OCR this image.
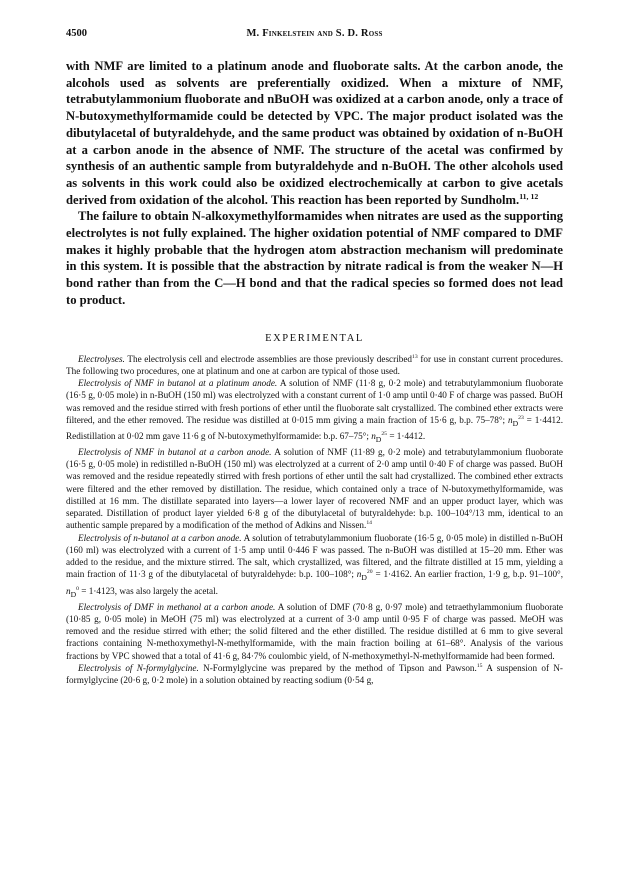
4500	M. Finkelstein and S. D. Ross

with NMF are limited to a platinum anode and fluoborate salts. At the carbon anode, the alcohols used as solvents are preferentially oxidized. When a mixture of NMF, tetrabutylammonium fluoborate and nBuOH was oxidized at a carbon anode, only a trace of N-butoxymethylformamide could be detected by VPC. The major product isolated was the dibutylacetal of butyraldehyde, and the same product was obtained by oxidation of n-BuOH at a carbon anode in the absence of NMF. The structure of the acetal was confirmed by synthesis of an authentic sample from butyraldehyde and n-BuOH. The other alcohols used as solvents in this work could also be oxidized electrochemically at carbon to give acetals derived from oxidation of the alcohol. This reaction has been reported by Sundholm.$^{11, 12}$

The failure to obtain N-alkoxymethylformamides when nitrates are used as the supporting electrolytes is not fully explained. The higher oxidation potential of NMF compared to DMF makes it highly probable that the hydrogen atom abstraction mechanism will predominate in this system. It is possible that the abstraction by nitrate radical is from the weaker N—H bond rather than from the C—H bond and that the radical species so formed does not lead to product.

EXPERIMENTAL

Electrolyses. The electrolysis cell and electrode assemblies are those previously described$^{13}$ for use in constant current procedures. The following two procedures, one at platinum and one at carbon are typical of those used.

Electrolysis of NMF in butanol at a platinum anode. A solution of NMF (11·8 g, 0·2 mole) and tetrabutylammonium fluoborate (16·5 g, 0·05 mole) in n-BuOH (150 ml) was electrolyzed with a constant current of 1·0 amp until 0·40 F of charge was passed. BuOH was removed and the residue stirred with fresh portions of ether until the fluoborate salt crystallized. The combined ether extracts were filtered, and the ether removed. The residue was distilled at 0·015 mm giving a main fraction of 15·6 g, b.p. 75–78°; $n_D^{23} = 1\cdot 4412$. Redistillation at 0·02 mm gave 11·6 g of N-butoxymethylformamide: b.p. 67–75°; $n_D^{25} = 1\cdot 4412$.

Electrolysis of NMF in butanol at a carbon anode. A solution of NMF (11·89 g, 0·2 mole) and tetrabutylammonium fluoborate (16·5 g, 0·05 mole) in redistilled n-BuOH (150 ml) was electrolyzed at a current of 2·0 amp until 0·40 F of charge was passed. BuOH was removed and the residue repeatedly stirred with fresh portions of ether until the salt had crystallized. The combined ether extracts were filtered and the ether removed by distillation. The residue, which contained only a trace of N-butoxymethylformamide, was distilled at 16 mm. The distillate separated into layers—a lower layer of recovered NMF and an upper product layer, which was separated. Distillation of product layer yielded 6·8 g of the dibutylacetal of butyraldehyde: b.p. 100–104°/13 mm, identical to an authentic sample prepared by a modification of the method of Adkins and Nissen.$^{14}$

Electrolysis of n-butanol at a carbon anode. A solution of tetrabutylammonium fluoborate (16·5 g, 0·05 mole) in distilled n-BuOH (160 ml) was electrolyzed with a current of 1·5 amp until 0·446 F was passed. The n-BuOH was distilled at 15–20 mm. Ether was added to the residue, and the mixture stirred. The salt, which crystallized, was filtered, and the filtrate distilled at 15 mm, yielding a main fraction of 11·3 g of the dibutylacetal of butyraldehyde: b.p. 100–108°; $n_D^{20} = 1\cdot 4162$. An earlier fraction, 1·9 g, b.p. 91–100°, $n_D^0 = 1\cdot 4123$, was also largely the acetal.

Electrolysis of DMF in methanol at a carbon anode. A solution of DMF (70·8 g, 0·97 mole) and tetraethylammonium fluoborate (10·85 g, 0·05 mole) in MeOH (75 ml) was electrolyzed at a current of 3·0 amp until 0·95 F of charge was passed. MeOH was removed and the residue stirred with ether; the solid filtered and the ether distilled. The residue distilled at 6 mm to give several fractions containing N-methoxymethyl-N-methylformamide, with the main fraction boiling at 61–68°. Analysis of the various fractions by VPC showed that a total of 41·6 g, 84·7% coulombic yield, of N-methoxymethyl-N-methylformamide had been formed.

Electrolysis of N-formylglycine. N-Formylglycine was prepared by the method of Tipson and Pawson.$^{15}$ A suspension of N-formylglycine (20·6 g, 0·2 mole) in a solution obtained by reacting sodium (0·54 g,
